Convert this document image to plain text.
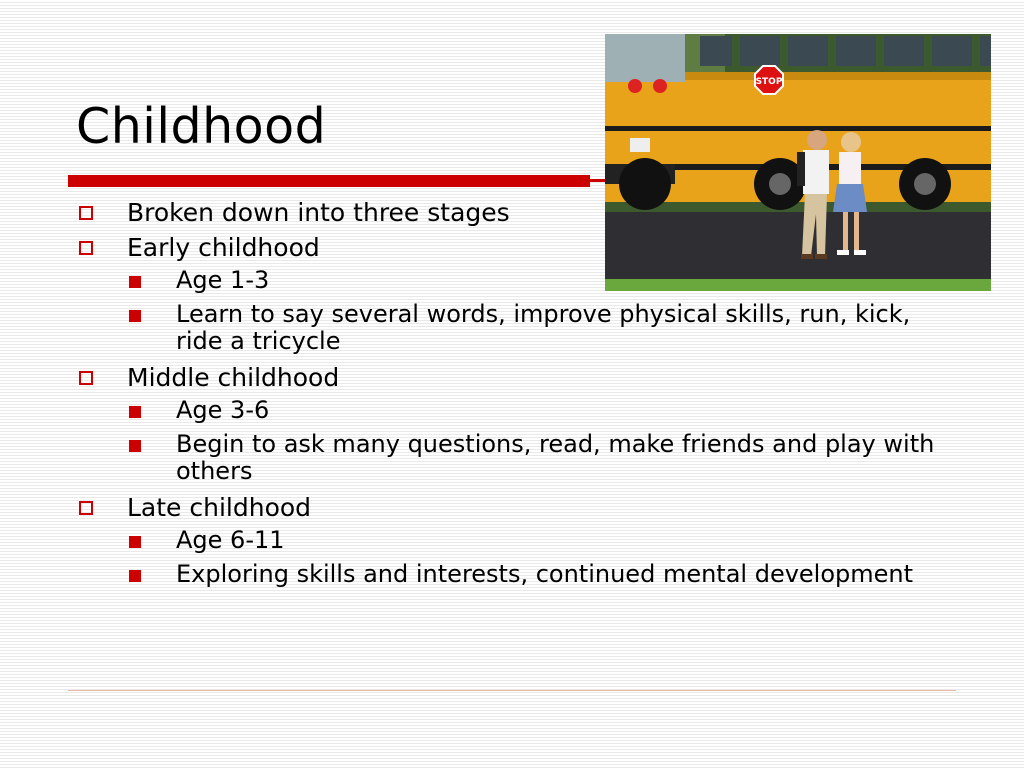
Childhood
STOP
Broken down into three stages
Early childhood
Age 1-3
Learn to say several words, improve physical skills, run, kick, ride a tricycle
Middle childhood
Age 3-6
Begin to ask many questions, read, make friends and play with others
Late childhood
Age 6-11
Exploring skills and interests, continued mental development
